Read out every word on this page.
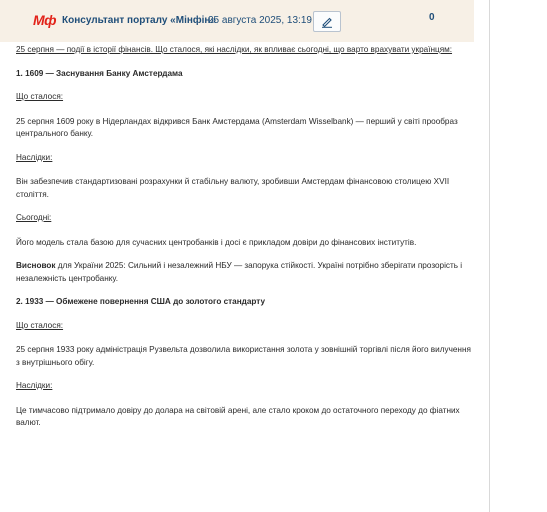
Мф Консультант порталу «Мінфін»
25 августа 2025, 13:19	0

25 серпня — події в історії фінансів. Що сталося, які наслідки, як впливає сьогодні, що варто врахувати українцям:

1. 1609 — Заснування Банку Амстердама

Що сталося:

25 серпня 1609 року в Нідерландах відкрився Банк Амстердама (Amsterdam Wisselbank) — перший у світі прообраз центрального банку.

Наслідки:

Він забезпечив стандартизовані розрахунки й стабільну валюту, зробивши Амстердам фінансовою столицею XVII століття.

Сьогодні:

Його модель стала базою для сучасних центробанків і досі є прикладом довіри до фінансових інститутів.

Висновок для України 2025: Сильний і незалежний НБУ — запорука стійкості. Україні потрібно зберігати прозорість і незалежність центробанку.

2. 1933 — Обмежене повернення США до золотого стандарту

Що сталося:

25 серпня 1933 року адміністрація Рузвельта дозволила використання золота у зовнішній торгівлі після його вилучення з внутрішнього обігу.

Наслідки:

Це тимчасово підтримало довіру до долара на світовій арені, але стало кроком до остаточного переходу до фіатних валют.
